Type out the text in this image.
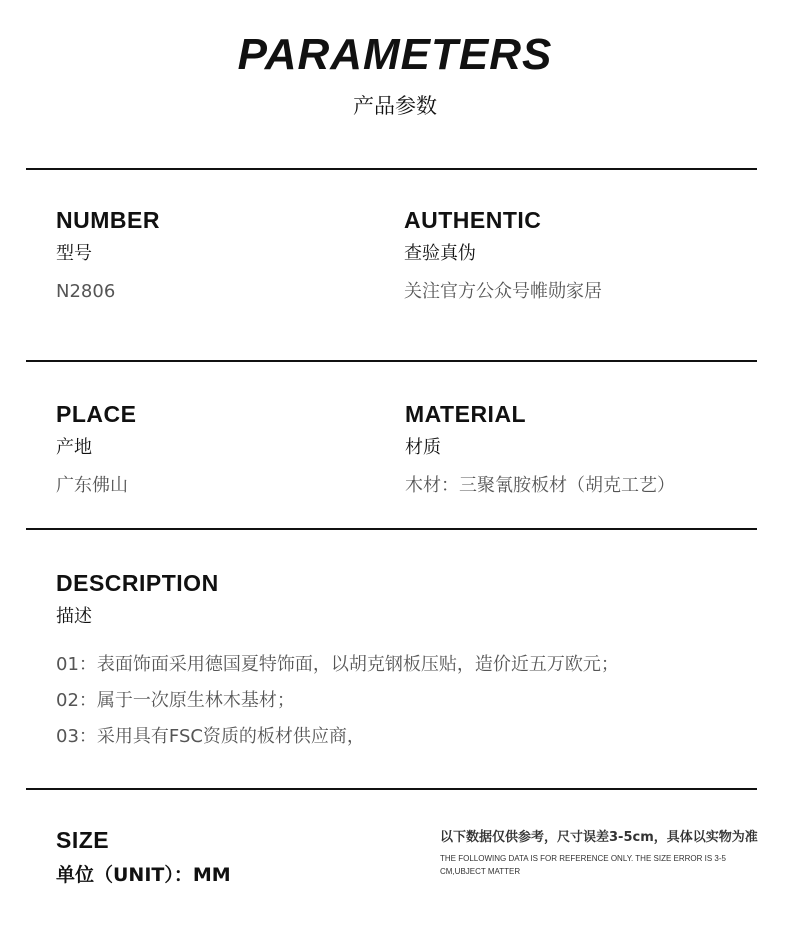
PARAMETERS
产品参数
NUMBER
型号
N2806
AUTHENTIC
查验真伪
关注官方公众号帷勋家居
PLACE
产地
广东佛山
MATERIAL
材质
木材：三聚氰胺板材（胡克工艺）
DESCRIPTION
描述
01：表面饰面采用德国夏特饰面，以胡克钢板压贴，造价近五万欧元；
02：属于一次原生林木基材；
03：采用具有FSC资质的板材供应商，
SIZE
单位（UNIT）：MM
以下数据仅供参考，尺寸误差3-5cm，具体以实物为准
THE FOLLOWING DATA IS FOR REFERENCE ONLY. THE SIZE ERROR IS 3-5 CM,UBJECT MATTER
